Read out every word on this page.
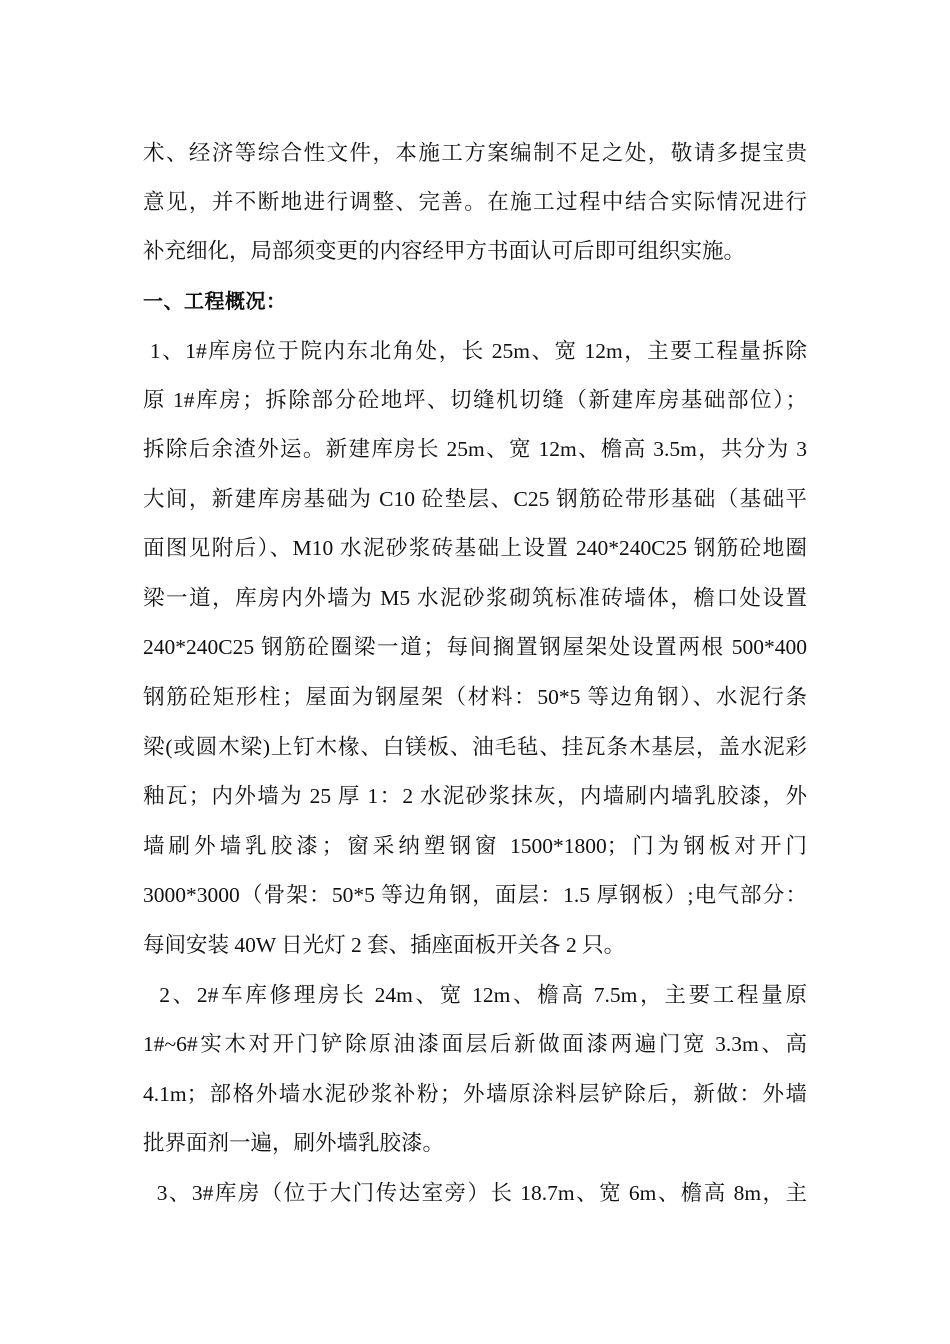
术、经济等综合性文件，本施工方案编制不足之处，敬请多提宝贵
意见，并不断地进行调整、完善。在施工过程中结合实际情况进行
补充细化，局部须变更的内容经甲方书面认可后即可组织实施。
一、工程概况：
1、1#库房位于院内东北角处，长 25m、宽 12m，主要工程量拆除
原 1#库房；拆除部分砼地坪、切缝机切缝（新建库房基础部位）；
拆除后余渣外运。新建库房长 25m、宽 12m、檐高 3.5m，共分为 3
大间，新建库房基础为 C10 砼垫层、C25 钢筋砼带形基础（基础平
面图见附后）、M10 水泥砂浆砖基础上设置 240*240C25 钢筋砼地圈
梁一道，库房内外墙为 M5 水泥砂浆砌筑标准砖墙体，檐口处设置
240*240C25 钢筋砼圈梁一道；每间搁置钢屋架处设置两根 500*400
钢筋砼矩形柱；屋面为钢屋架（材料：50*5 等边角钢）、水泥行条
梁(或圆木梁)上钉木椽、白镁板、油毛毡、挂瓦条木基层，盖水泥彩
釉瓦；内外墙为 25 厚 1：2 水泥砂浆抹灰，内墙刷内墙乳胶漆，外
墙刷外墙乳胶漆；窗采纳塑钢窗 1500*1800；门为钢板对开门
3000*3000（骨架：50*5 等边角钢，面层：1.5 厚钢板）;电气部分：
每间安装 40W 日光灯 2 套、插座面板开关各 2 只。
2、2#车库修理房长 24m、宽 12m、檐高 7.5m，主要工程量原
1#~6#实木对开门铲除原油漆面层后新做面漆两遍门宽 3.3m、高
4.1m；部格外墙水泥砂浆补粉；外墙原涂料层铲除后，新做：外墙
批界面剂一遍，刷外墙乳胶漆。
3、3#库房（位于大门传达室旁）长 18.7m、宽 6m、檐高 8m，主
